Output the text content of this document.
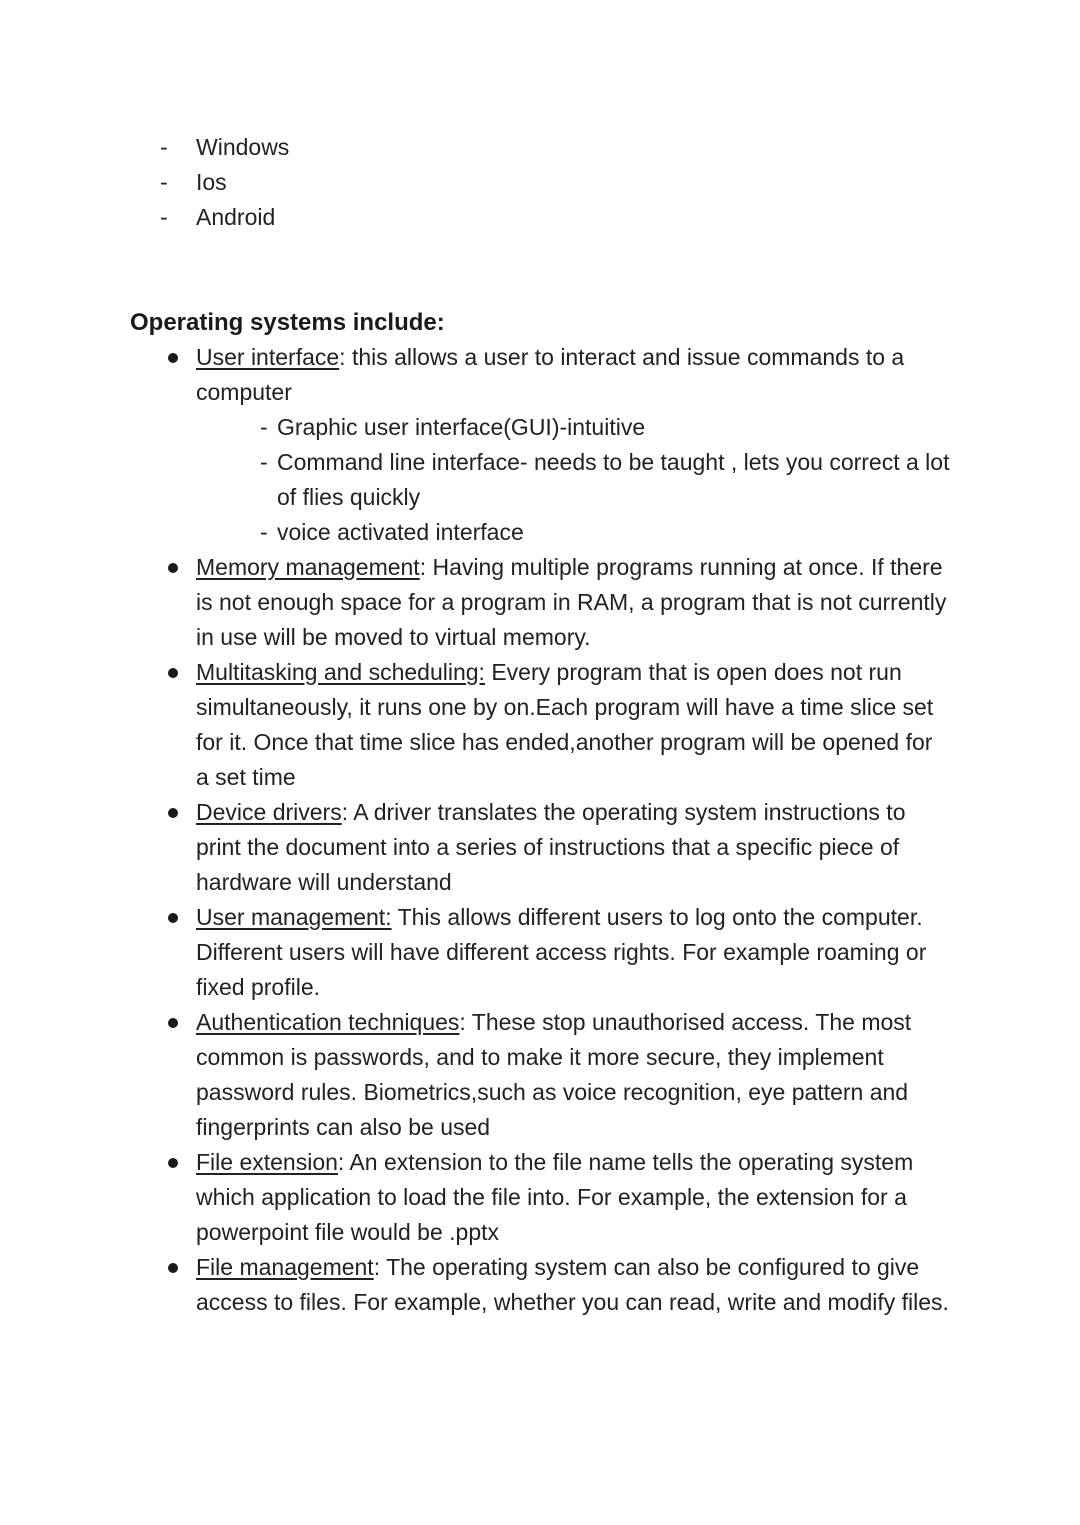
- Windows
- Ios
- Android
Operating systems include:
User interface: this allows a user to interact and issue commands to a computer
- Graphic user interface(GUI)-intuitive
- Command line interface- needs to be taught , lets you correct a lot of flies quickly
- voice activated interface
Memory management: Having multiple programs running at once. If there is not enough space for a program in RAM, a program that is not currently in use will be moved to virtual memory.
Multitasking and scheduling: Every program that is open does not run simultaneously, it runs one by on.Each program will have a time slice set for it. Once that time slice has ended,another program will be opened for a set time
Device drivers: A driver translates the operating system instructions to print the document into a series of instructions that a specific piece of hardware will understand
User management: This allows different users to log onto the computer. Different users will have different access rights. For example roaming or fixed profile.
Authentication techniques: These stop unauthorised access. The most common is passwords, and to make it more secure, they implement password rules. Biometrics,such as voice recognition, eye pattern and fingerprints can also be used
File extension: An extension to the file name tells the operating system which application to load the file into. For example, the extension for a powerpoint file would be .pptx
File management: The operating system can also be configured to give access to files. For example, whether you can read, write and modify files.
